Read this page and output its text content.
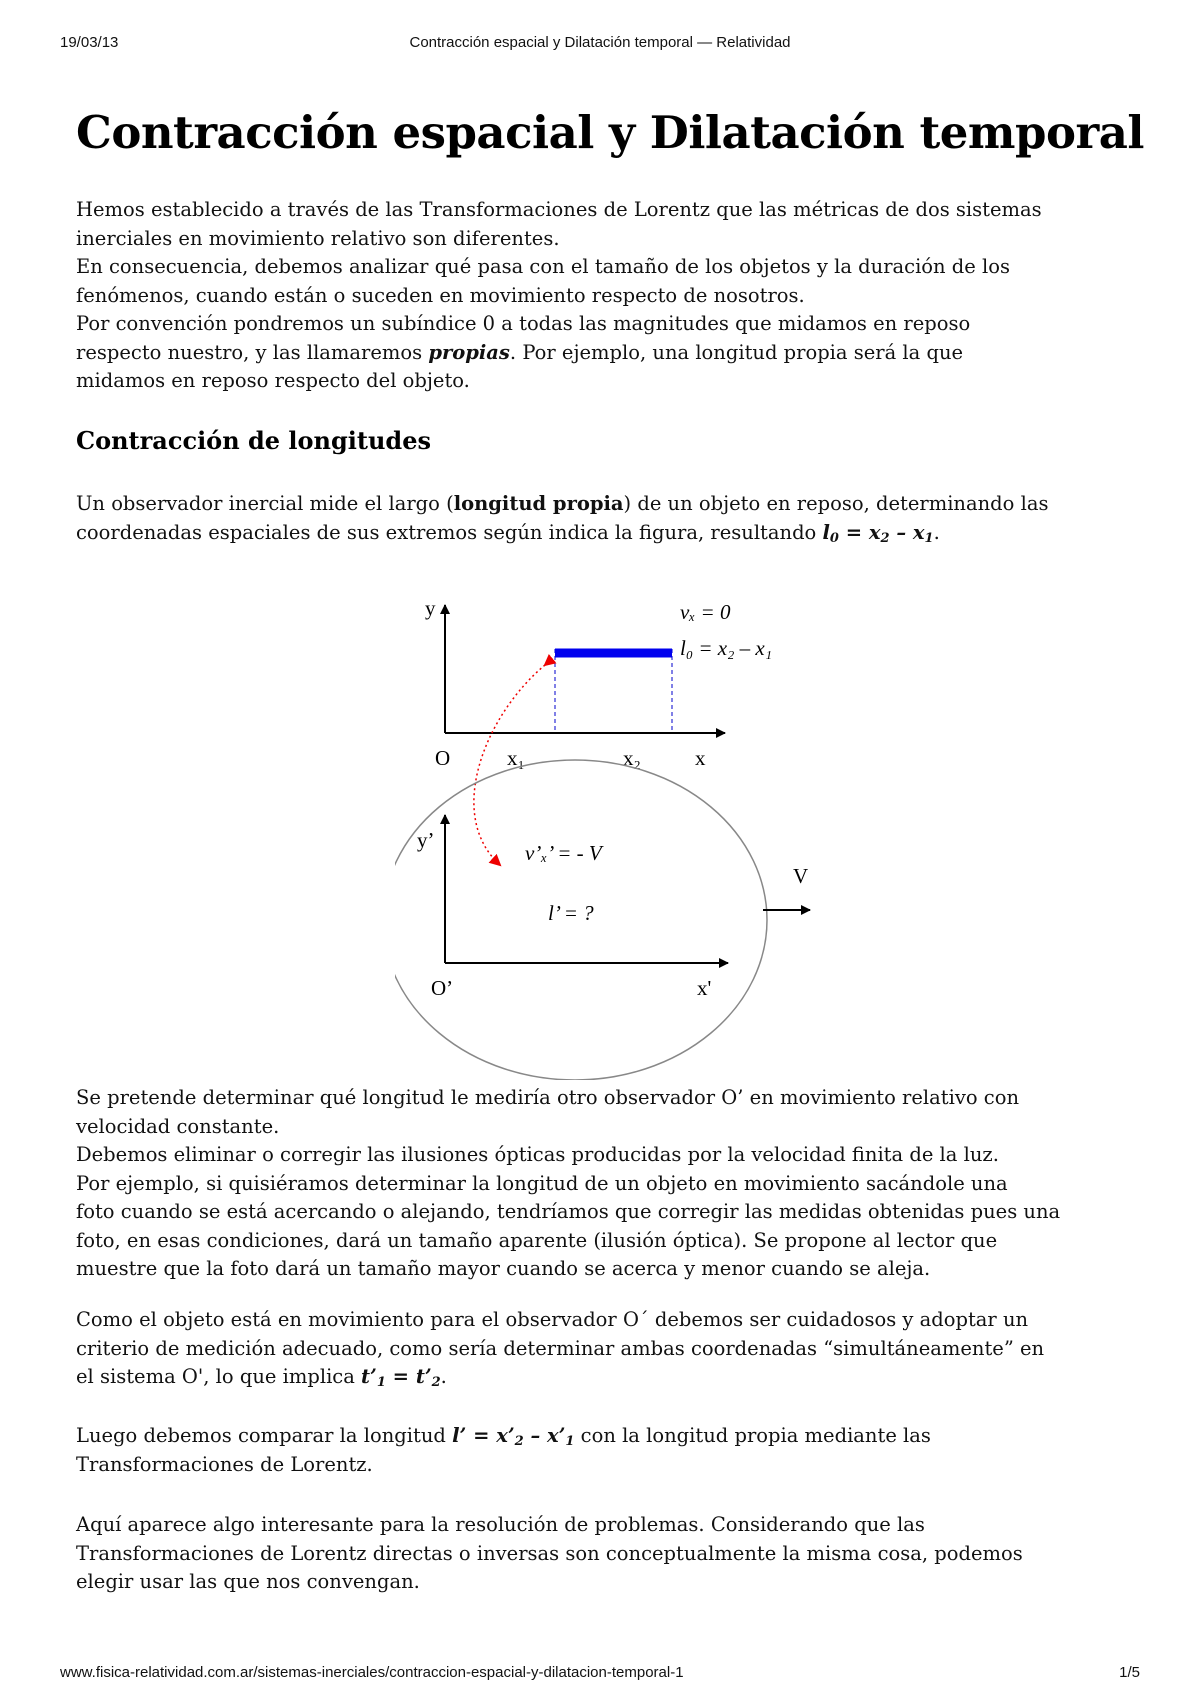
19/03/13	Contracción espacial y Dilatación temporal — Relatividad
Contracción espacial y Dilatación temporal
Hemos establecido a través de las Transformaciones de Lorentz que las métricas de dos sistemas
inerciales en movimiento relativo son diferentes.
En consecuencia, debemos analizar qué pasa con el tamaño de los objetos y la duración de los
fenómenos, cuando están o suceden en movimiento respecto de nosotros.
Por convención pondremos un subíndice 0 a todas las magnitudes que midamos en reposo
respecto nuestro, y las llamaremos propias. Por ejemplo, una longitud propia será la que
midamos en reposo respecto del objeto.
Contracción de longitudes
Un observador inercial mide el largo (longitud propia) de un objeto en reposo, determinando las
coordenadas espaciales de sus extremos según indica la figura, resultando $l_0 = x_2 - x_1$.
y
O	x₁	x₂	x
vₓ = 0
l₀ = x₂ – x₁
y’
O’	x'
v’ₓ’ = - V
l’ = ?
V
Se pretende determinar qué longitud le mediría otro observador O’ en movimiento relativo con
velocidad constante.
Debemos eliminar o corregir las ilusiones ópticas producidas por la velocidad finita de la luz.
Por ejemplo, si quisiéramos determinar la longitud de un objeto en movimiento sacándole una
foto cuando se está acercando o alejando, tendríamos que corregir las medidas obtenidas pues una
foto, en esas condiciones, dará un tamaño aparente (ilusión óptica). Se propone al lector que
muestre que la foto dará un tamaño mayor cuando se acerca y menor cuando se aleja.
Como el objeto está en movimiento para el observador O´ debemos ser cuidadosos y adoptar un
criterio de medición adecuado, como sería determinar ambas coordenadas “simultáneamente” en
el sistema O', lo que implica $t’_1$ = $t’_2$.
Luego debemos comparar la longitud l’ = $x’_2$ – $x’_1$ con la longitud propia mediante las
Transformaciones de Lorentz.
Aquí aparece algo interesante para la resolución de problemas. Considerando que las
Transformaciones de Lorentz directas o inversas son conceptualmente la misma cosa, podemos
elegir usar las que nos convengan.
www.fisica-relatividad.com.ar/sistemas-inerciales/contraccion-espacial-y-dilatacion-temporal-1	1/5
